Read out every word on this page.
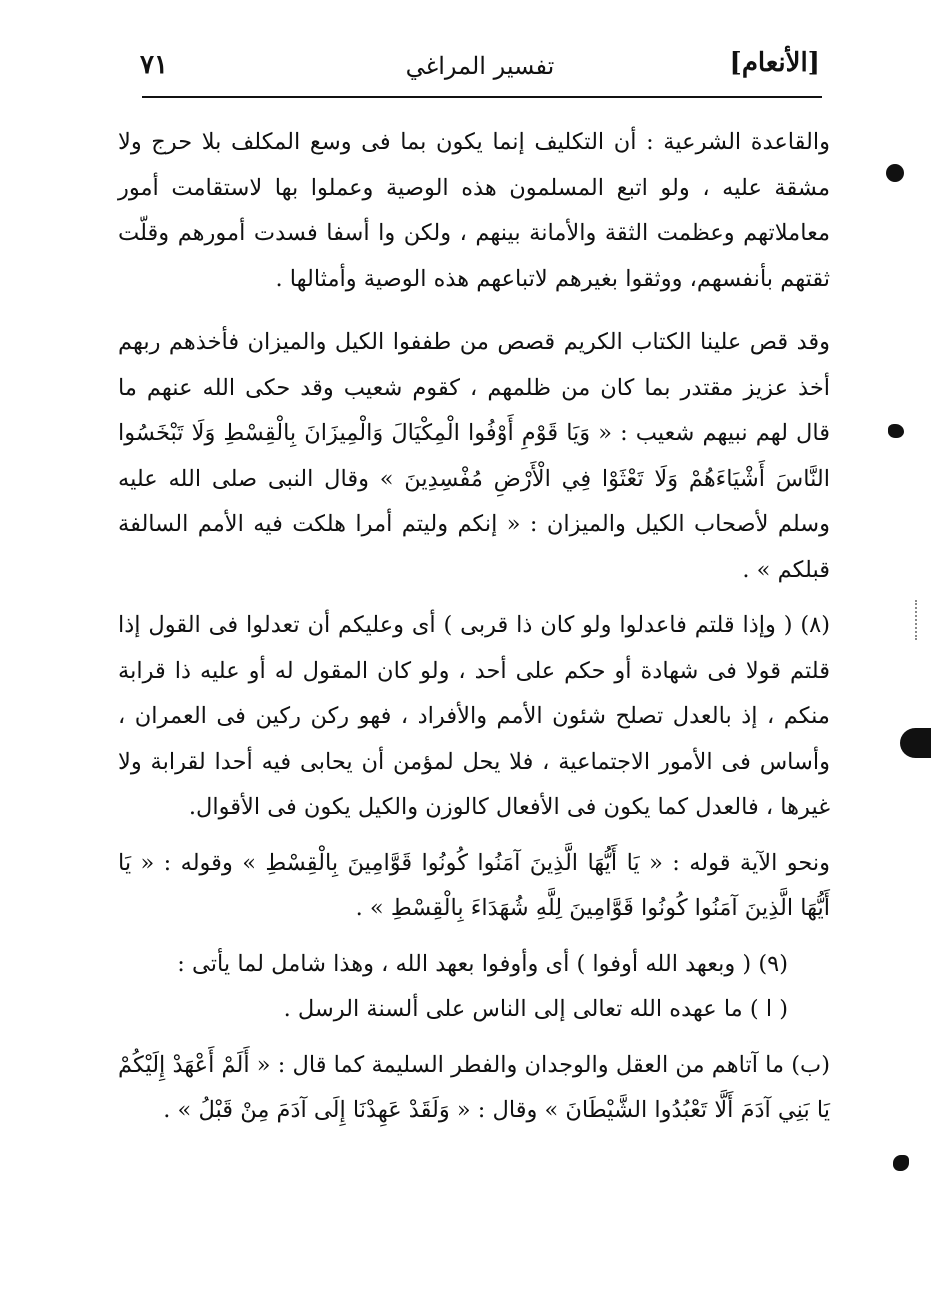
[الأنعام]
تفسير المراغي
٧١

والقاعدة الشرعية : أن التكليف إنما يكون بما فى وسع المكلف بلا حرج ولا مشقة عليه ، ولو اتبع المسلمون هذه الوصية وعملوا بها لاستقامت أمور معاملاتهم وعظمت الثقة والأمانة بينهم ، ولكن وا أسفا فسدت أمورهم وقلّت ثقتهم بأنفسهم، ووثقوا بغيرهم لاتباعهم هذه الوصية وأمثالها .

وقد قص علينا الكتاب الكريم قصص من طففوا الكيل والميزان فأخذهم ربهم أخذ عزيز مقتدر بما كان من ظلمهم ، كقوم شعيب وقد حكى الله عنهم ما قال لهم نبيهم شعيب : « وَيَا قَوْمِ أَوْفُوا الْمِكْيَالَ وَالْمِيزَانَ بِالْقِسْطِ وَلَا تَبْخَسُوا النَّاسَ أَشْيَاءَهُمْ وَلَا تَعْثَوْا فِي الْأَرْضِ مُفْسِدِينَ » وقال النبى صلى الله عليه وسلم لأصحاب الكيل والميزان : « إنكم وليتم أمرا هلكت فيه الأمم السالفة قبلكم » .

(٨) ( وإذا قلتم فاعدلوا ولو كان ذا قربى ) أى وعليكم أن تعدلوا فى القول إذا قلتم قولا فى شهادة أو حكم على أحد ، ولو كان المقول له أو عليه ذا قرابة منكم ، إذ بالعدل تصلح شئون الأمم والأفراد ، فهو ركن ركين فى العمران ، وأساس فى الأمور الاجتماعية ، فلا يحل لمؤمن أن يحابى فيه أحدا لقرابة ولا غيرها ، فالعدل كما يكون فى الأفعال كالوزن والكيل يكون فى الأقوال.

ونحو الآية قوله : « يَا أَيُّهَا الَّذِينَ آمَنُوا كُونُوا قَوَّامِينَ بِالْقِسْطِ » وقوله : « يَا أَيُّهَا الَّذِينَ آمَنُوا كُونُوا قَوَّامِينَ لِلَّهِ شُهَدَاءَ بِالْقِسْطِ » .

(٩) ( وبعهد الله أوفوا ) أى وأوفوا بعهد الله ، وهذا شامل لما يأتى :

( ا ) ما عهده الله تعالى إلى الناس على ألسنة الرسل .

(ب) ما آتاهم من العقل والوجدان والفطر السليمة كما قال : « أَلَمْ أَعْهَدْ إِلَيْكُمْ يَا بَنِي آدَمَ أَلَّا تَعْبُدُوا الشَّيْطَانَ » وقال : « وَلَقَدْ عَهِدْنَا إِلَى آدَمَ مِنْ قَبْلُ » .
